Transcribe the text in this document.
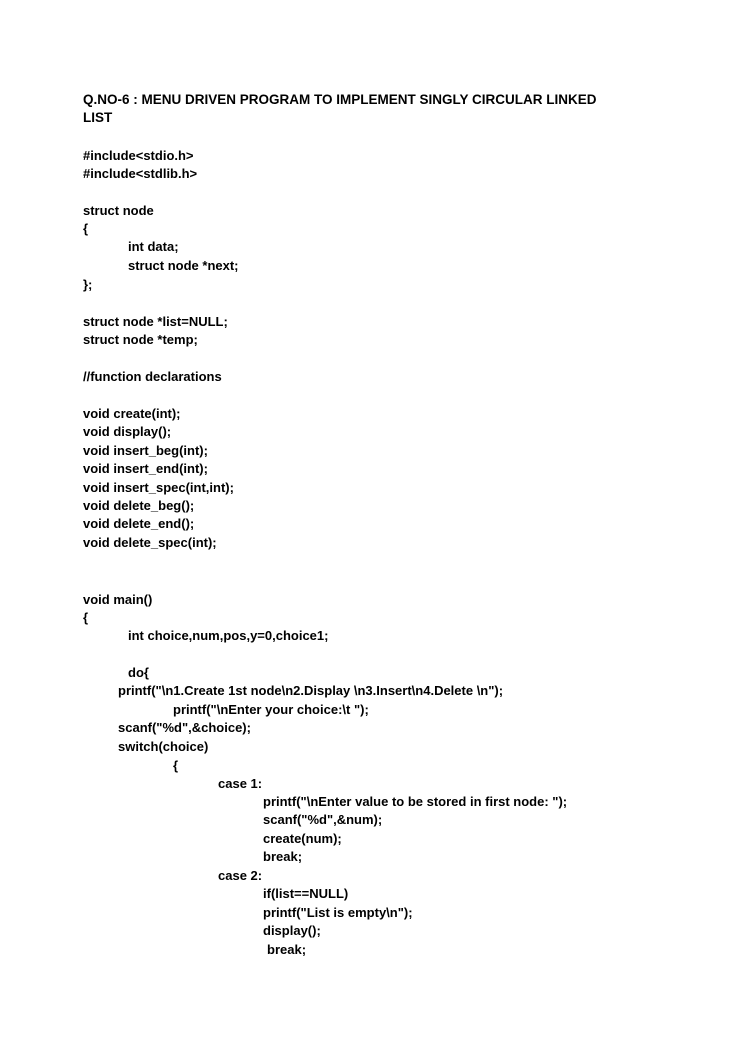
Q.NO-6 : MENU DRIVEN PROGRAM TO IMPLEMENT SINGLY CIRCULAR LINKED
LIST
#include<stdio.h>
#include<stdlib.h>
struct node
{
int data;
struct node *next;
};
struct node *list=NULL;
struct node *temp;
//function declarations
void create(int);
void display();
void insert_beg(int);
void insert_end(int);
void insert_spec(int,int);
void delete_beg();
void delete_end();
void delete_spec(int);
void main()
{
int choice,num,pos,y=0,choice1;
do{
printf("\n1.Create 1st node\n2.Display \n3.Insert\n4.Delete \n");
printf("\nEnter your choice:\t ");
scanf("%d",&choice);
switch(choice)
{
case 1:
printf("\nEnter value to be stored in first node: ");
scanf("%d",&num);
create(num);
break;
case 2:
if(list==NULL)
printf("List is empty\n");
display();
break;
